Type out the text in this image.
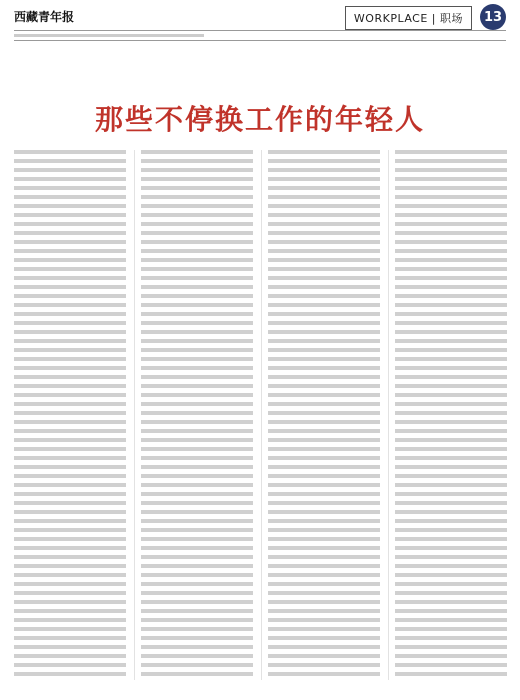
西藏青年报	WORKPLACE | 职场	13
那些不停换工作的年轻人
